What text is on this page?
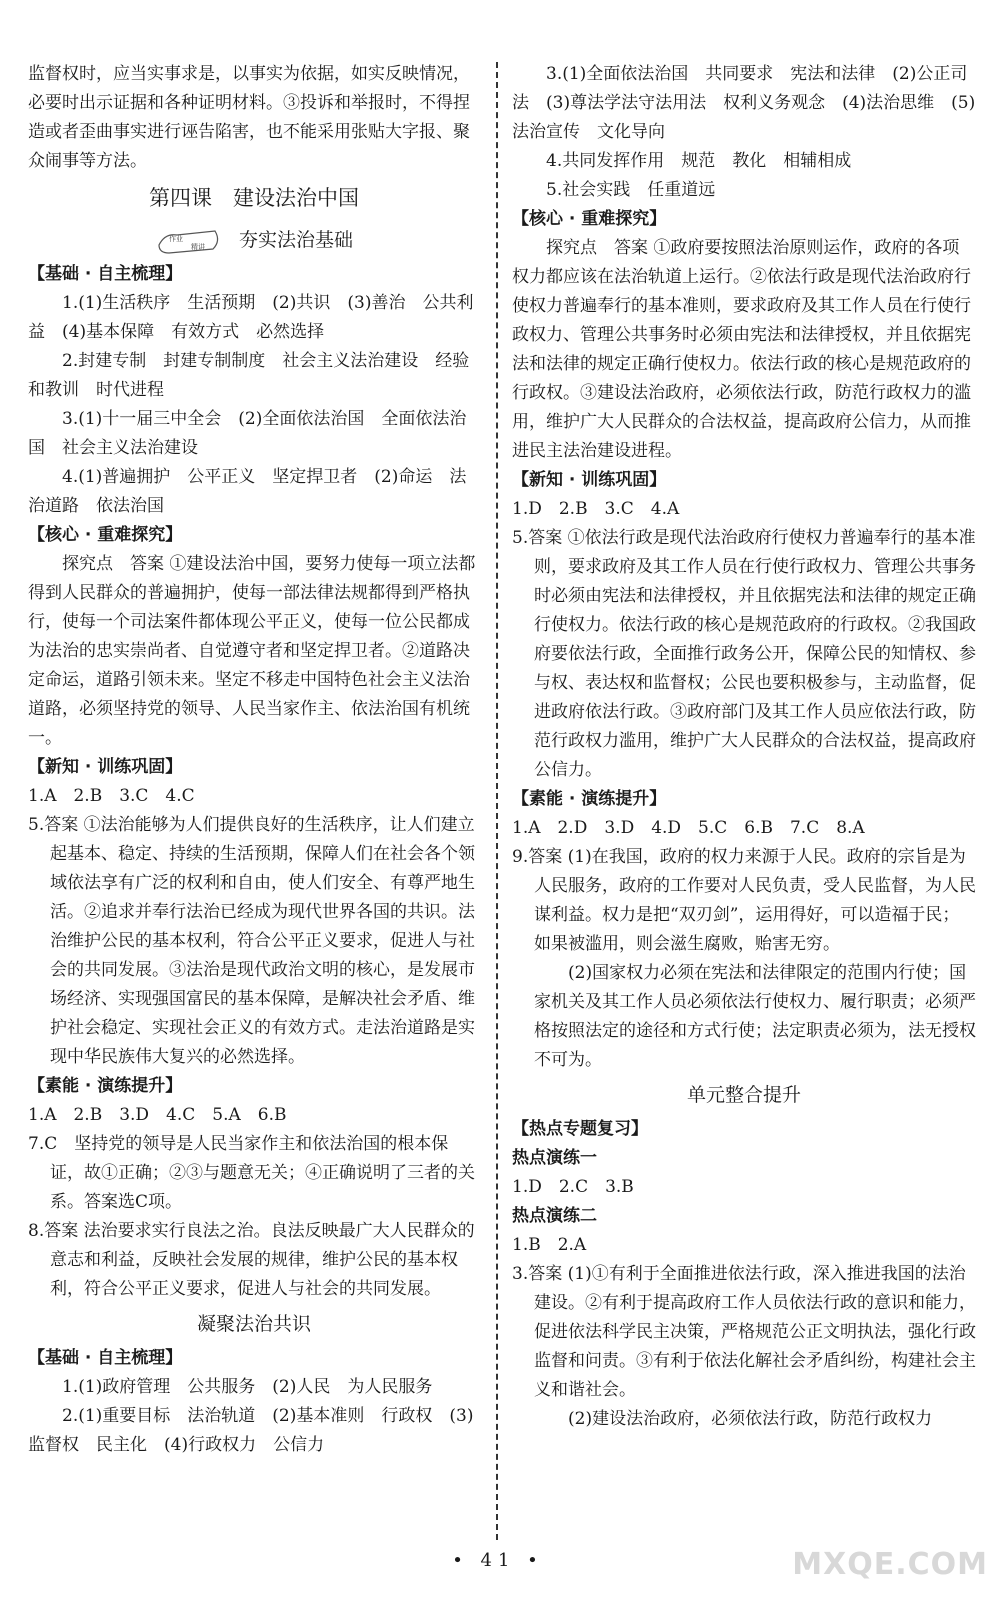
监督权时，应当实事求是，以事实为依据，如实反映情况，必要时出示证据和各种证明材料。③投诉和举报时，不得捏造或者歪曲事实进行诬告陷害，也不能采用张贴大字报、聚众闹事等方法。

第四课　建设法治中国
作业
精讲 夯实法治基础

【基础 · 自主梳理】

1.(1)生活秩序　生活预期　(2)共识　(3)善治　公共利益　(4)基本保障　有效方式　必然选择

2.封建专制　封建专制制度　社会主义法治建设　经验和教训　时代进程

3.(1)十一届三中全会　(2)全面依法治国　全面依法治国　社会主义法治建设

4.(1)普遍拥护　公平正义　坚定捍卫者　(2)命运　法治道路　依法治国

【核心 · 重难探究】

探究点　答案 ①建设法治中国，要努力使每一项立法都得到人民群众的普遍拥护，使每一部法律法规都得到严格执行，使每一个司法案件都体现公平正义，使每一位公民都成为法治的忠实崇尚者、自觉遵守者和坚定捍卫者。②道路决定命运，道路引领未来。坚定不移走中国特色社会主义法治道路，必须坚持党的领导、人民当家作主、依法治国有机统一。

【新知 · 训练巩固】

1.A　2.B　3.C　4.C

5.答案 ①法治能够为人们提供良好的生活秩序，让人们建立起基本、稳定、持续的生活预期，保障人们在社会各个领域依法享有广泛的权利和自由，使人们安全、有尊严地生活。②追求并奉行法治已经成为现代世界各国的共识。法治维护公民的基本权利，符合公平正义要求，促进人与社会的共同发展。③法治是现代政治文明的核心，是发展市场经济、实现强国富民的基本保障，是解决社会矛盾、维护社会稳定、实现社会正义的有效方式。走法治道路是实现中华民族伟大复兴的必然选择。

【素能 · 演练提升】

1.A　2.B　3.D　4.C　5.A　6.B

7.C　坚持党的领导是人民当家作主和依法治国的根本保证，故①正确；②③与题意无关；④正确说明了三者的关系。答案选C项。

8.答案 法治要求实行良法之治。良法反映最广大人民群众的意志和利益，反映社会发展的规律，维护公民的基本权利，符合公平正义要求，促进人与社会的共同发展。

凝聚法治共识

【基础 · 自主梳理】

1.(1)政府管理　公共服务　(2)人民　为人民服务

2.(1)重要目标　法治轨道　(2)基本准则　行政权　(3)监督权　民主化　(4)行政权力　公信力

3.(1)全面依法治国　共同要求　宪法和法律　(2)公正司法　(3)尊法学法守法用法　权利义务观念　(4)法治思维　(5)法治宣传　文化导向

4.共同发挥作用　规范　教化　相辅相成

5.社会实践　任重道远

【核心 · 重难探究】

探究点　答案 ①政府要按照法治原则运作，政府的各项权力都应该在法治轨道上运行。②依法行政是现代法治政府行使权力普遍奉行的基本准则，要求政府及其工作人员在行使行政权力、管理公共事务时必须由宪法和法律授权，并且依据宪法和法律的规定正确行使权力。依法行政的核心是规范政府的行政权。③建设法治政府，必须依法行政，防范行政权力的滥用，维护广大人民群众的合法权益，提高政府公信力，从而推进民主法治建设进程。

【新知 · 训练巩固】

1.D　2.B　3.C　4.A

5.答案 ①依法行政是现代法治政府行使权力普遍奉行的基本准则，要求政府及其工作人员在行使行政权力、管理公共事务时必须由宪法和法律授权，并且依据宪法和法律的规定正确行使权力。依法行政的核心是规范政府的行政权。②我国政府要依法行政，全面推行政务公开，保障公民的知情权、参与权、表达权和监督权；公民也要积极参与，主动监督，促进政府依法行政。③政府部门及其工作人员应依法行政，防范行政权力滥用，维护广大人民群众的合法权益，提高政府公信力。

【素能 · 演练提升】

1.A　2.D　3.D　4.D　5.C　6.B　7.C　8.A

9.答案 (1)在我国，政府的权力来源于人民。政府的宗旨是为人民服务，政府的工作要对人民负责，受人民监督，为人民谋利益。权力是把“双刃剑”，运用得好，可以造福于民；如果被滥用，则会滋生腐败，贻害无穷。

(2)国家权力必须在宪法和法律限定的范围内行使；国家机关及其工作人员必须依法行使权力、履行职责；必须严格按照法定的途径和方式行使；法定职责必须为，法无授权不可为。

单元整合提升

【热点专题复习】

热点演练一

1.D　2.C　3.B

热点演练二

1.B　2.A

3.答案 (1)①有利于全面推进依法行政，深入推进我国的法治建设。②有利于提高政府工作人员依法行政的意识和能力，促进依法科学民主决策，严格规范公正文明执法，强化行政监督和问责。③有利于依法化解社会矛盾纠纷，构建社会主义和谐社会。

(2)建设法治政府，必须依法行政，防范行政权力

• 41 •	MXQE.COM
